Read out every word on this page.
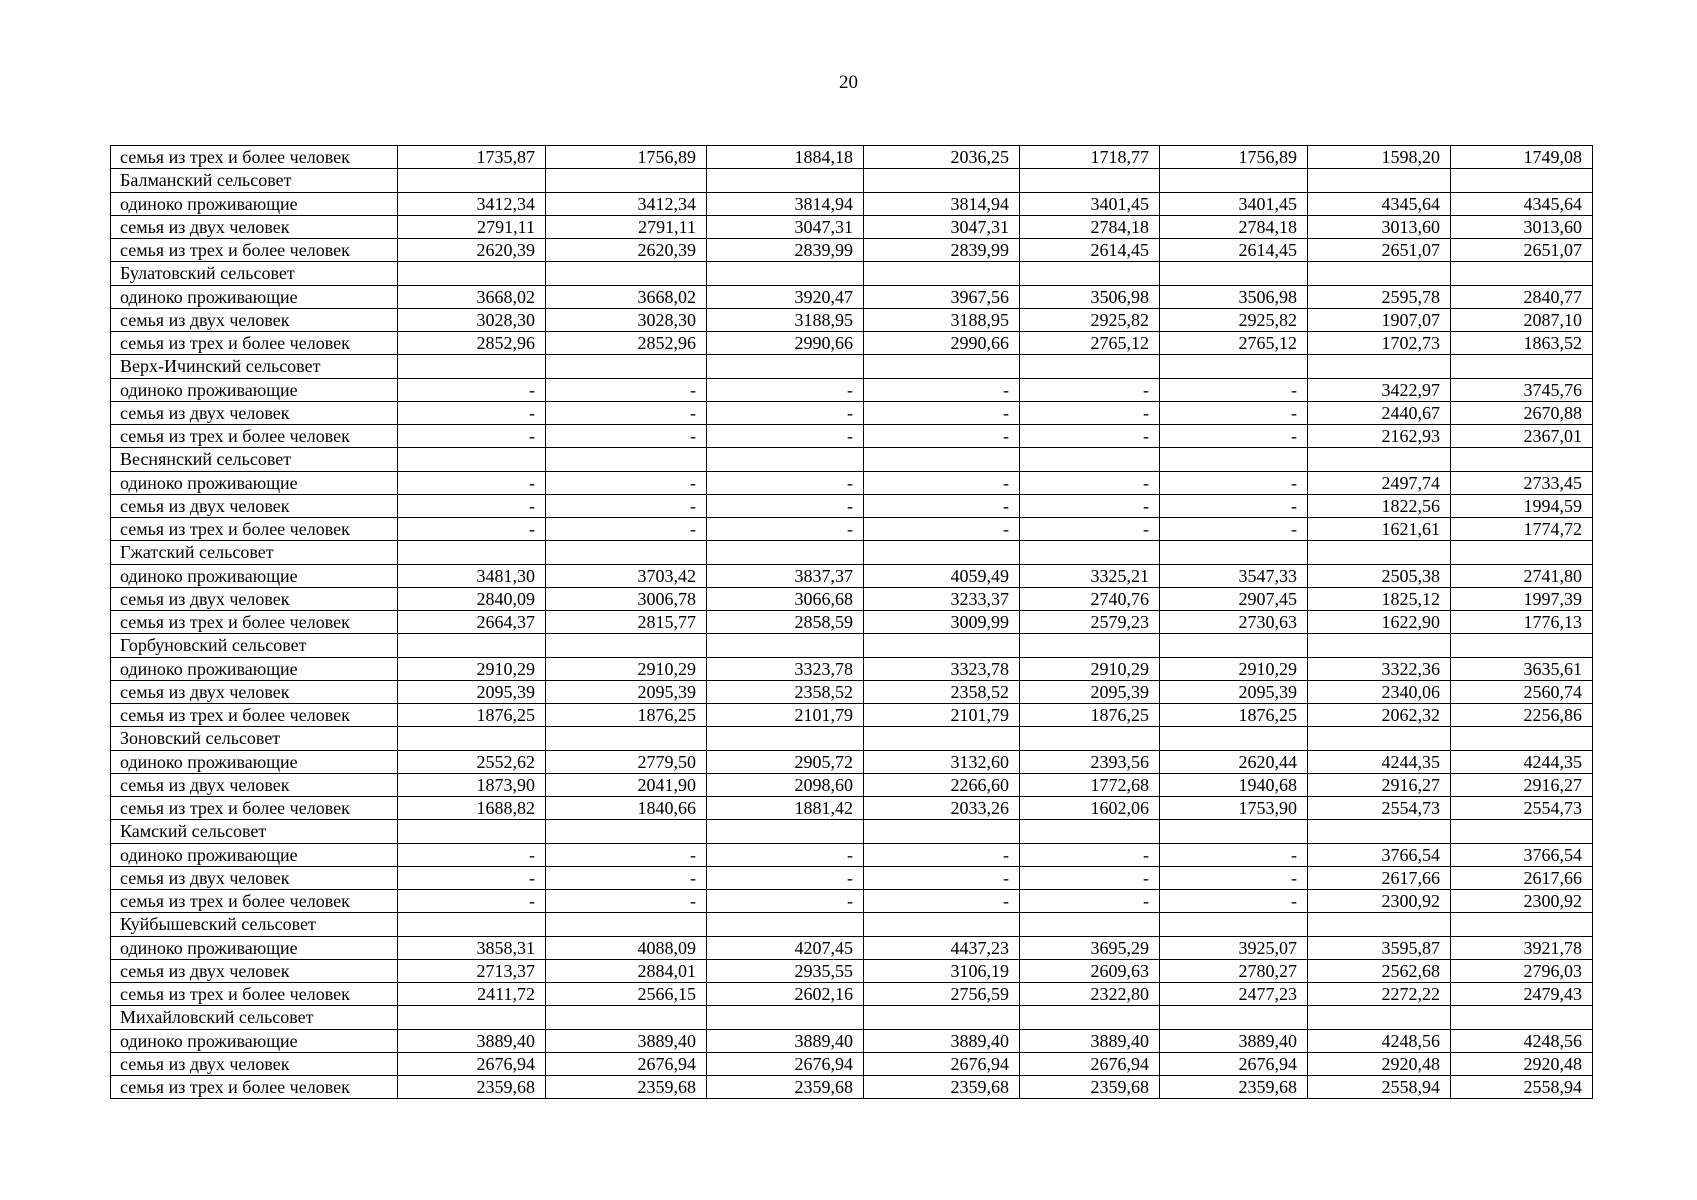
20
семья из трех и более человек	1735,87	1756,89	1884,18	2036,25	1718,77	1756,89	1598,20	1749,08
Балманский сельсовет								
одиноко проживающие	3412,34	3412,34	3814,94	3814,94	3401,45	3401,45	4345,64	4345,64
семья из двух человек	2791,11	2791,11	3047,31	3047,31	2784,18	2784,18	3013,60	3013,60
семья из трех и более человек	2620,39	2620,39	2839,99	2839,99	2614,45	2614,45	2651,07	2651,07
Булатовский сельсовет								
одиноко проживающие	3668,02	3668,02	3920,47	3967,56	3506,98	3506,98	2595,78	2840,77
семья из двух человек	3028,30	3028,30	3188,95	3188,95	2925,82	2925,82	1907,07	2087,10
семья из трех и более человек	2852,96	2852,96	2990,66	2990,66	2765,12	2765,12	1702,73	1863,52
Верх-Ичинский сельсовет								
одиноко проживающие	-	-	-	-	-	-	3422,97	3745,76
семья из двух человек	-	-	-	-	-	-	2440,67	2670,88
семья из трех и более человек	-	-	-	-	-	-	2162,93	2367,01
Веснянский сельсовет								
одиноко проживающие	-	-	-	-	-	-	2497,74	2733,45
семья из двух человек	-	-	-	-	-	-	1822,56	1994,59
семья из трех и более человек	-	-	-	-	-	-	1621,61	1774,72
Гжатский сельсовет								
одиноко проживающие	3481,30	3703,42	3837,37	4059,49	3325,21	3547,33	2505,38	2741,80
семья из двух человек	2840,09	3006,78	3066,68	3233,37	2740,76	2907,45	1825,12	1997,39
семья из трех и более человек	2664,37	2815,77	2858,59	3009,99	2579,23	2730,63	1622,90	1776,13
Горбуновский сельсовет								
одиноко проживающие	2910,29	2910,29	3323,78	3323,78	2910,29	2910,29	3322,36	3635,61
семья из двух человек	2095,39	2095,39	2358,52	2358,52	2095,39	2095,39	2340,06	2560,74
семья из трех и более человек	1876,25	1876,25	2101,79	2101,79	1876,25	1876,25	2062,32	2256,86
Зоновский сельсовет								
одиноко проживающие	2552,62	2779,50	2905,72	3132,60	2393,56	2620,44	4244,35	4244,35
семья из двух человек	1873,90	2041,90	2098,60	2266,60	1772,68	1940,68	2916,27	2916,27
семья из трех и более человек	1688,82	1840,66	1881,42	2033,26	1602,06	1753,90	2554,73	2554,73
Камский сельсовет								
одиноко проживающие	-	-	-	-	-	-	3766,54	3766,54
семья из двух человек	-	-	-	-	-	-	2617,66	2617,66
семья из трех и более человек	-	-	-	-	-	-	2300,92	2300,92
Куйбышевский сельсовет								
одиноко проживающие	3858,31	4088,09	4207,45	4437,23	3695,29	3925,07	3595,87	3921,78
семья из двух человек	2713,37	2884,01	2935,55	3106,19	2609,63	2780,27	2562,68	2796,03
семья из трех и более человек	2411,72	2566,15	2602,16	2756,59	2322,80	2477,23	2272,22	2479,43
Михайловский сельсовет								
одиноко проживающие	3889,40	3889,40	3889,40	3889,40	3889,40	3889,40	4248,56	4248,56
семья из двух человек	2676,94	2676,94	2676,94	2676,94	2676,94	2676,94	2920,48	2920,48
семья из трех и более человек	2359,68	2359,68	2359,68	2359,68	2359,68	2359,68	2558,94	2558,94
